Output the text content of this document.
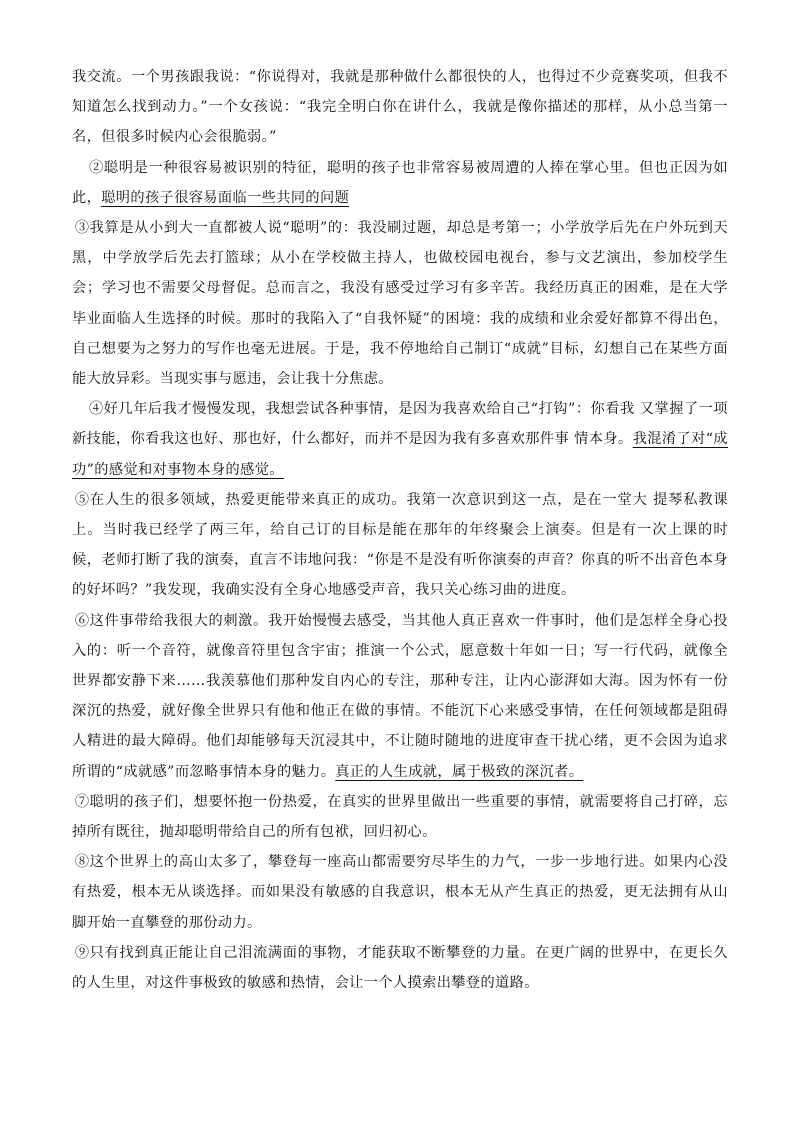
我交流。一个男孩跟我说：“你说得对，我就是那种做什么都很快的人，也得过不少竞赛奖项，但我不知道怎么找到动力。”一个女孩说：“我完全明白你在讲什么，我就是像你描述的那样，从小总当第一名，但很多时候内心会很脆弱。”

②聪明是一种很容易被识别的特征，聪明的孩子也非常容易被周遭的人捧在掌心里。但也正因为如此，聪明的孩子很容易面临一些共同的问题

③我算是从小到大一直都被人说“聪明”的：我没刷过题，却总是考第一；小学放学后先在户外玩到天黑，中学放学后先去打篮球；从小在学校做主持人，也做校园电视台，参与文艺演出，参加校学生会；学习也不需要父母督促。总而言之，我没有感受过学习有多辛苦。我经历真正的困难，是在大学毕业面临人生选择的时候。那时的我陷入了“自我怀疑”的困境：我的成绩和业余爱好都算不得出色，自己想要为之努力的写作也毫无进展。于是，我不停地给自己制订“成就”目标，幻想自己在某些方面能大放异彩。当现实事与愿违，会让我十分焦虑。

④好几年后我才慢慢发现，我想尝试各种事情，是因为我喜欢给自己“打钩”：你看我 又掌握了一项新技能，你看我这也好、那也好，什么都好，而并不是因为我有多喜欢那件事 情本身。我混淆了对“成功”的感觉和对事物本身的感觉。

⑤在人生的很多领域，热爱更能带来真正的成功。我第一次意识到这一点，是在一堂大 提琴私教课上。当时我已经学了两三年，给自己订的目标是能在那年的年终聚会上演奏。但是有一次上课的时候，老师打断了我的演奏，直言不讳地问我：“你是不是没有听你演奏的声音？你真的听不出音色本身的好坏吗？”我发现，我确实没有全身心地感受声音，我只关心练习曲的进度。

⑥这件事带给我很大的刺激。我开始慢慢去感受，当其他人真正喜欢一件事时，他们是怎样全身心投入的：听一个音符，就像音符里包含宇宙；推演一个公式，愿意数十年如一日；写一行代码，就像全世界都安静下来……我羡慕他们那种发自内心的专注，那种专注，让内心澎湃如大海。因为怀有一份深沉的热爱，就好像全世界只有他和他正在做的事情。不能沉下心来感受事情，在任何领域都是阻碍人精进的最大障碍。他们却能够每天沉浸其中，不让随时随地的进度审查干扰心绪，更不会因为追求所谓的“成就感”而忽略事情本身的魅力。真正的人生成就，属于极致的深沉者。

⑦聪明的孩子们，想要怀抱一份热爱，在真实的世界里做出一些重要的事情，就需要将自己打碎，忘掉所有既往，抛却聪明带给自己的所有包袱，回归初心。

⑧这个世界上的高山太多了，攀登每一座高山都需要穷尽毕生的力气，一步一步地行进。如果内心没有热爱，根本无从谈选择。而如果没有敏感的自我意识，根本无从产生真正的热爱，更无法拥有从山脚开始一直攀登的那份动力。

⑨只有找到真正能让自己泪流满面的事物，才能获取不断攀登的力量。在更广阔的世界中，在更长久的人生里，对这件事极致的敏感和热情，会让一个人摸索出攀登的道路。
